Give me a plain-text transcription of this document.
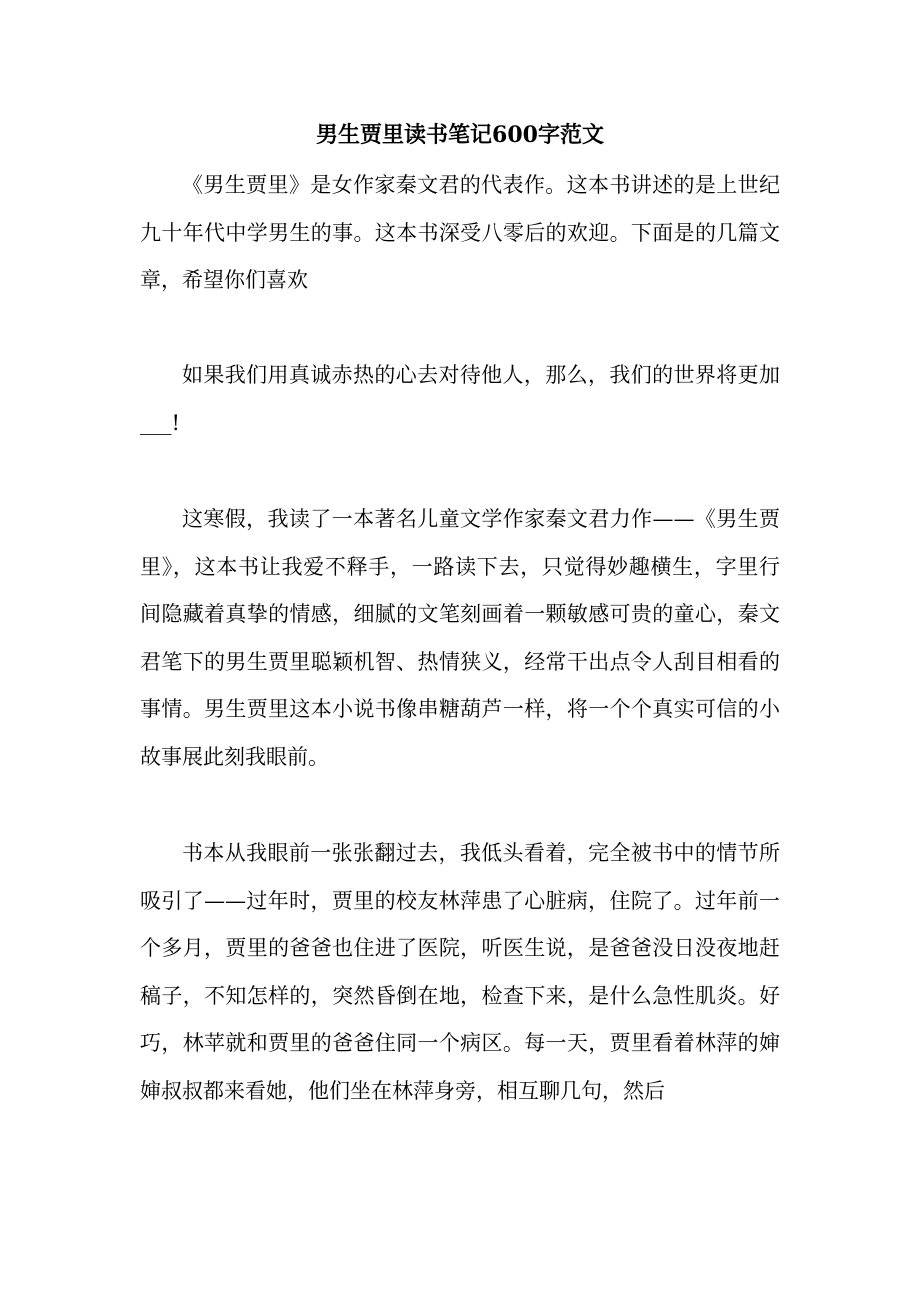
男生贾里读书笔记600字范文

《男生贾里》是女作家秦文君的代表作。这本书讲述的是上世纪九十年代中学男生的事。这本书深受八零后的欢迎。下面是的几篇文章，希望你们喜欢

如果我们用真诚赤热的心去对待他人，那么，我们的世界将更加___!

这寒假，我读了一本著名儿童文学作家秦文君力作——《男生贾里》，这本书让我爱不释手，一路读下去，只觉得妙趣横生，字里行间隐藏着真挚的情感，细腻的文笔刻画着一颗敏感可贵的童心，秦文君笔下的男生贾里聪颖机智、热情狭义，经常干出点令人刮目相看的事情。男生贾里这本小说书像串糖葫芦一样，将一个个真实可信的小故事展此刻我眼前。

书本从我眼前一张张翻过去，我低头看着，完全被书中的情节所吸引了——过年时，贾里的校友林萍患了心脏病，住院了。过年前一个多月，贾里的爸爸也住进了医院，听医生说，是爸爸没日没夜地赶稿子，不知怎样的，突然昏倒在地，检查下来，是什么急性肌炎。好巧，林苹就和贾里的爸爸住同一个病区。每一天，贾里看着林萍的婶婶叔叔都来看她，他们坐在林萍身旁，相互聊几句，然后
